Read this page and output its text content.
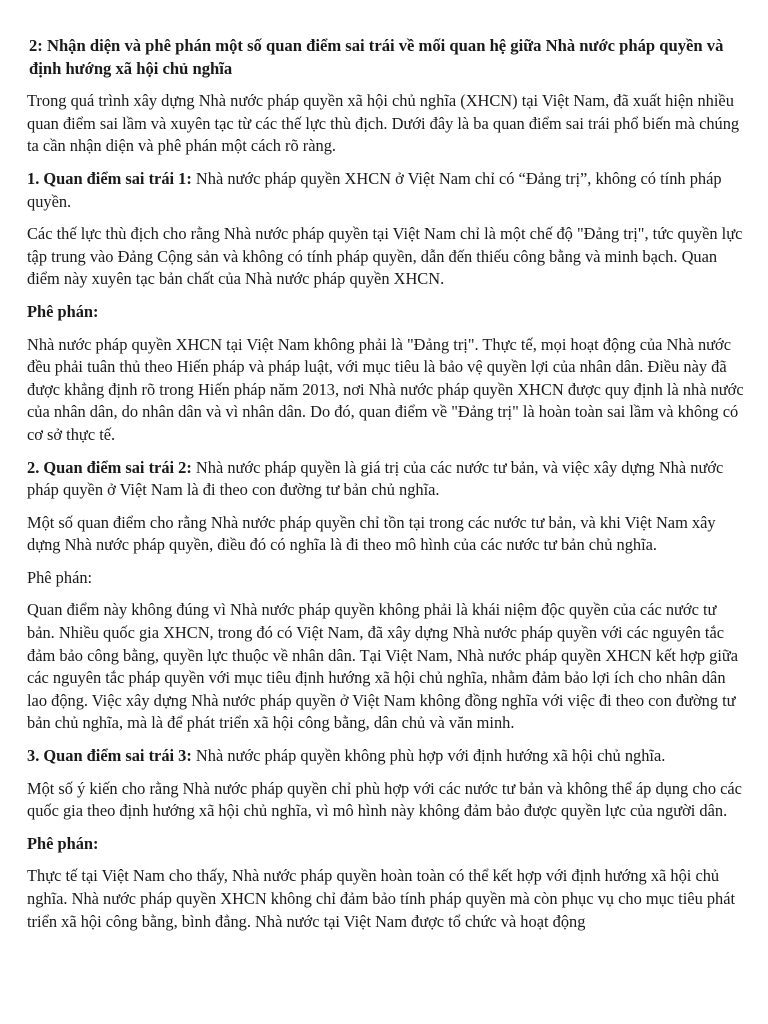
2: Nhận diện và phê phán một số quan điểm sai trái về mối quan hệ giữa Nhà nước pháp quyền và định hướng xã hội chủ nghĩa

Trong quá trình xây dựng Nhà nước pháp quyền xã hội chủ nghĩa (XHCN) tại Việt Nam, đã xuất hiện nhiều quan điểm sai lầm và xuyên tạc từ các thế lực thù địch. Dưới đây là ba quan điểm sai trái phổ biến mà chúng ta cần nhận diện và phê phán một cách rõ ràng.

1. Quan điểm sai trái 1: Nhà nước pháp quyền XHCN ở Việt Nam chỉ có “Đảng trị”, không có tính pháp quyền.

Các thế lực thù địch cho rằng Nhà nước pháp quyền tại Việt Nam chỉ là một chế độ "Đảng trị", tức quyền lực tập trung vào Đảng Cộng sản và không có tính pháp quyền, dẫn đến thiếu công bằng và minh bạch. Quan điểm này xuyên tạc bản chất của Nhà nước pháp quyền XHCN.

Phê phán:

Nhà nước pháp quyền XHCN tại Việt Nam không phải là "Đảng trị". Thực tế, mọi hoạt động của Nhà nước đều phải tuân thủ theo Hiến pháp và pháp luật, với mục tiêu là bảo vệ quyền lợi của nhân dân. Điều này đã được khẳng định rõ trong Hiến pháp năm 2013, nơi Nhà nước pháp quyền XHCN được quy định là nhà nước của nhân dân, do nhân dân và vì nhân dân. Do đó, quan điểm về "Đảng trị" là hoàn toàn sai lầm và không có cơ sở thực tế.

2. Quan điểm sai trái 2: Nhà nước pháp quyền là giá trị của các nước tư bản, và việc xây dựng Nhà nước pháp quyền ở Việt Nam là đi theo con đường tư bản chủ nghĩa.

Một số quan điểm cho rằng Nhà nước pháp quyền chỉ tồn tại trong các nước tư bản, và khi Việt Nam xây dựng Nhà nước pháp quyền, điều đó có nghĩa là đi theo mô hình của các nước tư bản chủ nghĩa.

Phê phán:

Quan điểm này không đúng vì Nhà nước pháp quyền không phải là khái niệm độc quyền của các nước tư bản. Nhiều quốc gia XHCN, trong đó có Việt Nam, đã xây dựng Nhà nước pháp quyền với các nguyên tắc đảm bảo công bằng, quyền lực thuộc về nhân dân. Tại Việt Nam, Nhà nước pháp quyền XHCN kết hợp giữa các nguyên tắc pháp quyền với mục tiêu định hướng xã hội chủ nghĩa, nhằm đảm bảo lợi ích cho nhân dân lao động. Việc xây dựng Nhà nước pháp quyền ở Việt Nam không đồng nghĩa với việc đi theo con đường tư bản chủ nghĩa, mà là để phát triển xã hội công bằng, dân chủ và văn minh.

3. Quan điểm sai trái 3: Nhà nước pháp quyền không phù hợp với định hướng xã hội chủ nghĩa.

Một số ý kiến cho rằng Nhà nước pháp quyền chỉ phù hợp với các nước tư bản và không thể áp dụng cho các quốc gia theo định hướng xã hội chủ nghĩa, vì mô hình này không đảm bảo được quyền lực của người dân.

Phê phán:

Thực tế tại Việt Nam cho thấy, Nhà nước pháp quyền hoàn toàn có thể kết hợp với định hướng xã hội chủ nghĩa. Nhà nước pháp quyền XHCN không chỉ đảm bảo tính pháp quyền mà còn phục vụ cho mục tiêu phát triển xã hội công bằng, bình đẳng. Nhà nước tại Việt Nam được tổ chức và hoạt động
